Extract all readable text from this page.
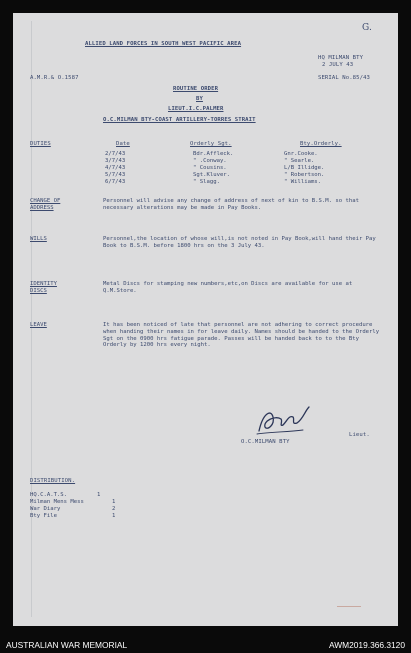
G.
ALLIED LAND FORCES IN SOUTH WEST PACIFIC AREA
HQ MILMAN BTY
2 JULY 43
A.M.R.& O.1587	SERIAL No.85/43
ROUTINE ORDER
BY
LIEUT.I.C.PALMER
O.C.MILMAN BTY-COAST ARTILLERY-TORRES STRAIT
DUTIES	Date	Orderly Sgt.	Bty.Orderly.
2/7/43	Bdr.Affleck.	Gnr.Cooke.
3/7/43	" .Conway.	" Searle.
4/7/43	" Cousins.	L/B Illidge.
5/7/43	Sgt.Kluver.	" Robertson.
6/7/43	" Slagg.	" Williams.
CHANGE OF ADDRESS
Personnel will advise any change of address of next of kin to B.S.M. so that necessary alterations may be made in Pay Books.
WILLS	Personnel,the location of whose will,is not noted in Pay Book,will hand their Pay Book to B.S.M. before 1800 hrs on the 3 July 43.
IDENTITY DISCS
Metal Discs for stamping new numbers,etc,on Discs are available for use at Q.M.Store.
LEAVE	It has been noticed of late that personnel are not adhering to correct procedure when handing their names in for leave daily. Names should be handed to the Orderly Sgt on the 0900 hrs fatigue parade. Passes will be handed back to to the Bty Orderly by 1200 hrs every night.
Lieut.
O.C.MILMAN BTY
DISTRIBUTION.
HQ.C.A.T.S.	1
Milman Mens Mess	1
War Diary	2
Bty File	1
AUSTRALIAN WAR MEMORIAL	AWM2019.366.3120
